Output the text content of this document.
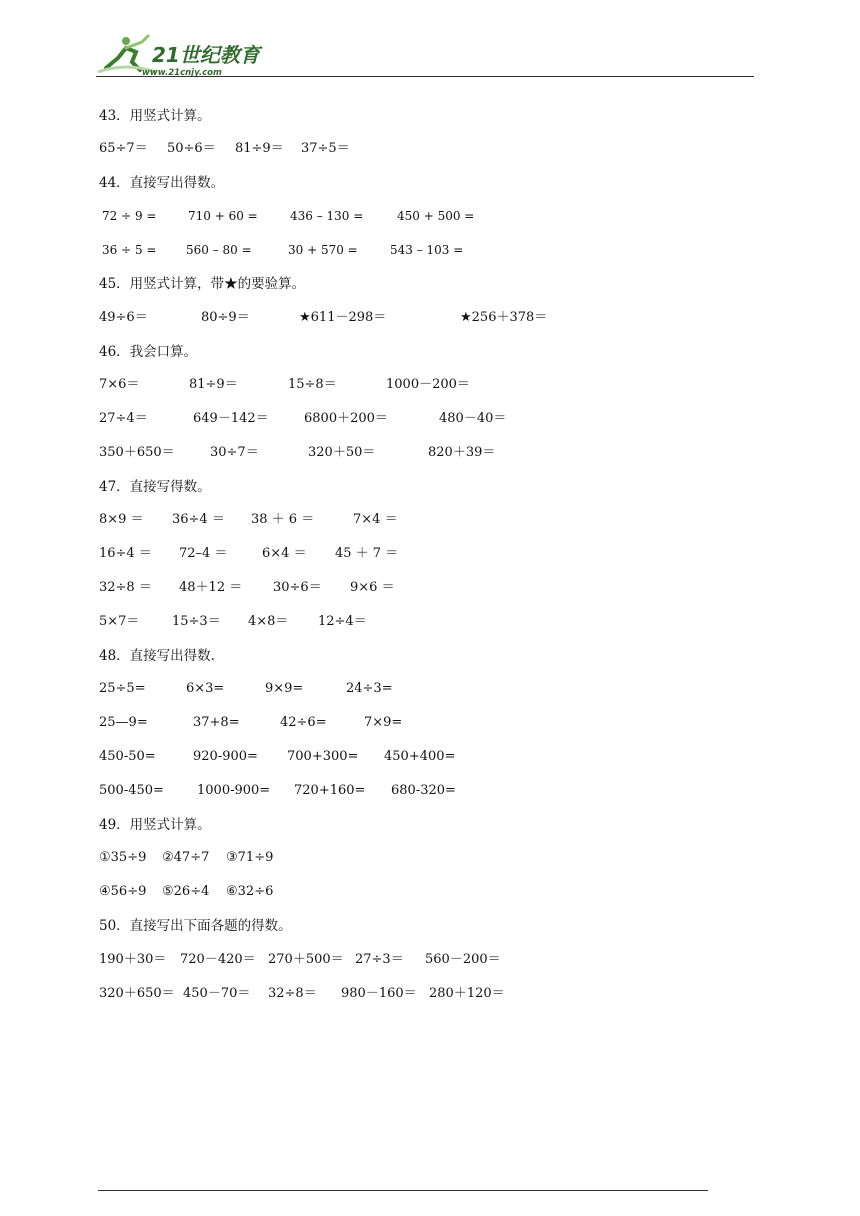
21世纪教育
www.21cnjy.com
43．用竖式计算。
65÷7＝ 50÷6＝ 81÷9＝ 37÷5＝
44．直接写出得数。
72 ÷ 9 =	710 + 60 =	436 – 130 =	450 + 500 =
36 ÷ 5 = 560 – 80 =	30 + 570 =	543 – 103 =
45．用竖式计算，带★的要验算。
49÷6＝	80÷9＝	★611－298＝	★256＋378＝
46．我会口算。
7×6＝	81÷9＝	15÷8＝	1000－200＝
27÷4＝	649－142＝	6800＋200＝	480－40＝
350＋650＝	30÷7＝	320＋50＝	820＋39＝
47．直接写得数。
8×9 ＝ 36÷4 ＝ 38 ＋ 6 ＝	7×4 ＝
16÷4 ＝ 72–4 ＝	6×4 ＝ 45 ＋ 7 ＝
32÷8 ＝ 48＋12 ＝ 30÷6＝ 9×6 ＝
5×7＝	15÷3＝ 4×8＝ 12÷4＝
48．直接写出得数.
25÷5=	6×3=	9×9=	24÷3=
25—9=	37+8=	42÷6=	7×9=
450-50=	920-900= 700+300= 450+400=
500-450=	1000-900= 720+160= 680-320=
49．用竖式计算。
①35÷9 ②47÷7 ③71÷9
④56÷9 ⑤26÷4 ⑥32÷6
50．直接写出下面各题的得数。
190＋30＝ 720－420＝ 270＋500＝ 27÷3＝ 560－200＝
320＋650＝ 450－70＝ 32÷8＝ 980－160＝ 280＋120＝
